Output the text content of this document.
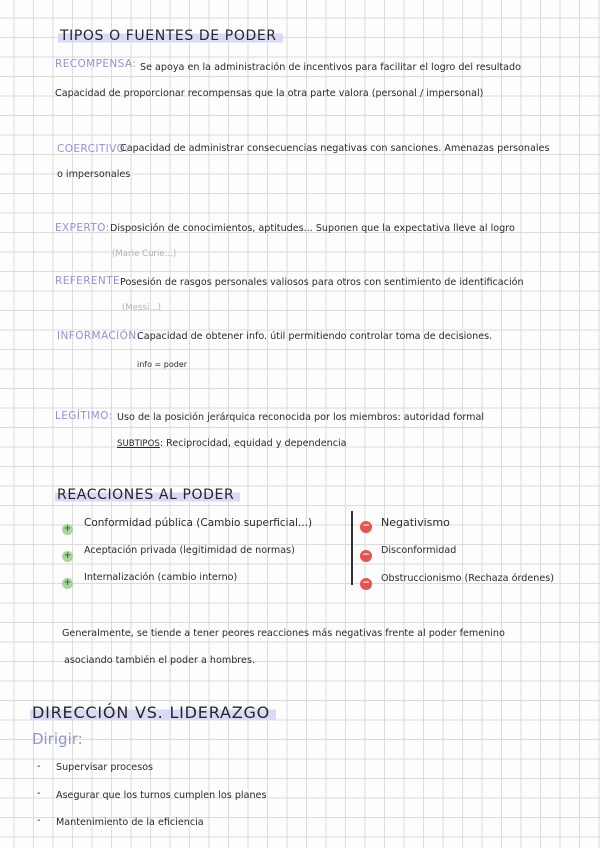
TIPOS O FUENTES DE PODER
RECOMPENSA: Se apoya en la administración de incentivos para facilitar el logro del resultado
Capacidad de proporcionar recompensas que la otra parte valora (personal / impersonal)
COERCITIVO:
Capacidad de administrar consecuencias negativas con sanciones. Amenazas personales
o impersonales
EXPERTO: Disposición de conocimientos, aptitudes... Suponen que la expectativa lleve al logro
(Marie Curie...)
REFERENTE:
Posesión de rasgos personales valiosos para otros con sentimiento de identificación
(Messi...)
INFORMACIÓN:
Capacidad de obtener info. útil permitiendo controlar toma de decisiones.
info = poder
LEGÍTIMO: Uso de la posición jerárquica reconocida por los miembros: autoridad formal
SUBTIPOS: Reciprocidad, equidad y dependencia
REACCIONES AL PODER
+ Conformidad pública (Cambio superficial...)
+ Aceptación privada (legitimidad de normas)
+ Internalización (cambio interno)
− Negativismo
− Disconformidad
− Obstruccionismo (Rechaza órdenes)
Generalmente, se tiende a tener peores reacciones más negativas frente al poder femenino
asociando también el poder a hombres.
DIRECCIÓN VS. LIDERAZGO
Dirigir:
- Supervisar procesos
- Asegurar que los turnos cumplen los planes
- Mantenimiento de la eficiencia
